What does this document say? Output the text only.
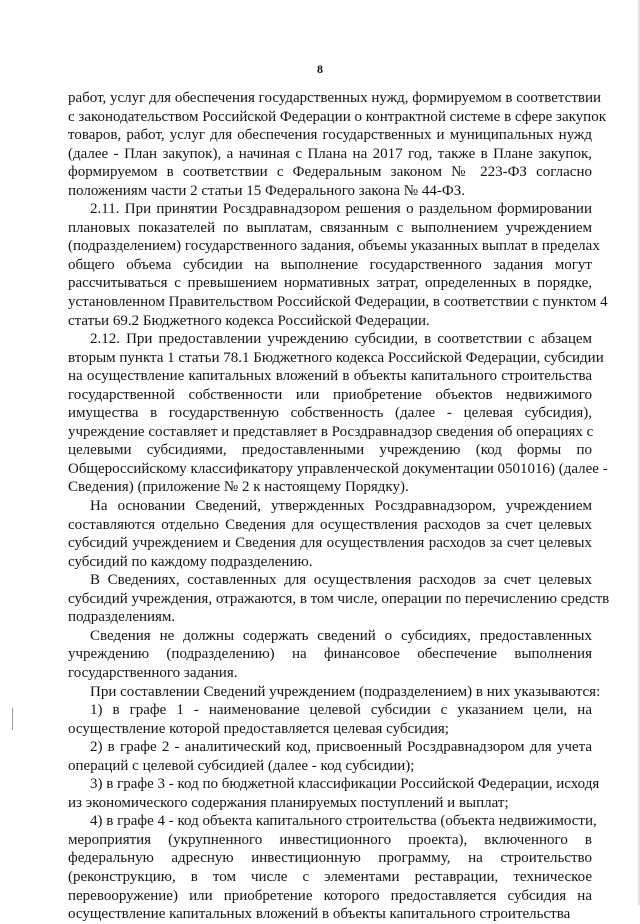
8
работ, услуг для обеспечения государственных нужд, формируемом в соответствии
с законодательством Российской Федерации о контрактной системе в сфере закупок
товаров, работ, услуг для обеспечения государственных и муниципальных нужд
(далее - План закупок), а начиная с Плана на 2017 год, также в Плане закупок,
формируемом в соответствии с Федеральным законом № 223-ФЗ согласно
положениям части 2 статьи 15 Федерального закона № 44-ФЗ.
2.11. При принятии Росздравнадзором решения о раздельном формировании
плановых показателей по выплатам, связанным с выполнением учреждением
(подразделением) государственного задания, объемы указанных выплат в пределах
общего объема субсидии на выполнение государственного задания могут
рассчитываться с превышением нормативных затрат, определенных в порядке,
установленном Правительством Российской Федерации, в соответствии с пунктом 4
статьи 69.2 Бюджетного кодекса Российской Федерации.
2.12. При предоставлении учреждению субсидии, в соответствии с абзацем
вторым пункта 1 статьи 78.1 Бюджетного кодекса Российской Федерации, субсидии
на осуществление капитальных вложений в объекты капитального строительства
государственной собственности или приобретение объектов недвижимого
имущества в государственную собственность (далее - целевая субсидия),
учреждение составляет и представляет в Росздравнадзор сведения об операциях с
целевыми субсидиями, предоставленными учреждению (код формы по
Общероссийскому классификатору управленческой документации 0501016) (далее -
Сведения) (приложение № 2 к настоящему Порядку).
На основании Сведений, утвержденных Росздравнадзором, учреждением
составляются отдельно Сведения для осуществления расходов за счет целевых
субсидий учреждением и Сведения для осуществления расходов за счет целевых
субсидий по каждому подразделению.
В Сведениях, составленных для осуществления расходов за счет целевых
субсидий учреждения, отражаются, в том числе, операции по перечислению средств
подразделениям.
Сведения не должны содержать сведений о субсидиях, предоставленных
учреждению (подразделению) на финансовое обеспечение выполнения
государственного задания.
При составлении Сведений учреждением (подразделением) в них указываются:
1) в графе 1 - наименование целевой субсидии с указанием цели, на
осуществление которой предоставляется целевая субсидия;
2) в графе 2 - аналитический код, присвоенный Росздравнадзором для учета
операций с целевой субсидией (далее - код субсидии);
3) в графе 3 - код по бюджетной классификации Российской Федерации, исходя
из экономического содержания планируемых поступлений и выплат;
4) в графе 4 - код объекта капитального строительства (объекта недвижимости,
мероприятия (укрупненного инвестиционного проекта), включенного в
федеральную адресную инвестиционную программу, на строительство
(реконструкцию, в том числе с элементами реставрации, техническое
перевооружение) или приобретение которого предоставляется субсидия на
осуществление капитальных вложений в объекты капитального строительства
